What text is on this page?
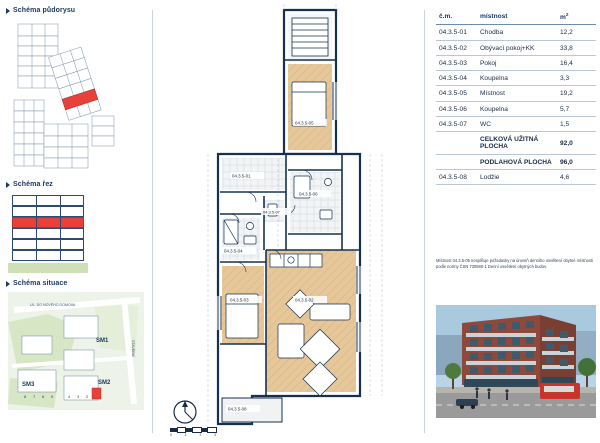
Schéma půdorysu
Schéma řez
Schéma situace
UL. DO NOVÉHO DOMOVA
STAVEBNÍ
SM1
SM2
SM3
8 7 6 5	4 3 2
04.3.5-01
04.3.5-02
04.3.5-03
04.3.5-04
04.3.5-05
04.3.5-06
04.3.5-07
04.3.5-08
0	1	2	3
č.m.	místnost	$m^2$
04.3.5-01	Chodba	12,2
04.3.5-02	Obývací pokoj+KK	33,8
04.3.5-03	Pokoj	16,4
04.3.5-04	Koupelna	3,3
04.3.5-05	Místnost	19,2
04.3.5-06	Koupelna	5,7
04.3.5-07	WC	1,5
	CELKOVÁ UŽITNÁ PLOCHA	92,0
	PODLAHOVÁ PLOCHA	96,0
04.3.5-08	Lodžie	4,6
Místnost 04.3.5-05 nesplňuje požadavky na úroveň denního osvětlení obytné místnosti podle normy ČSN 730580-1 Denní osvětlení obytných budov.
